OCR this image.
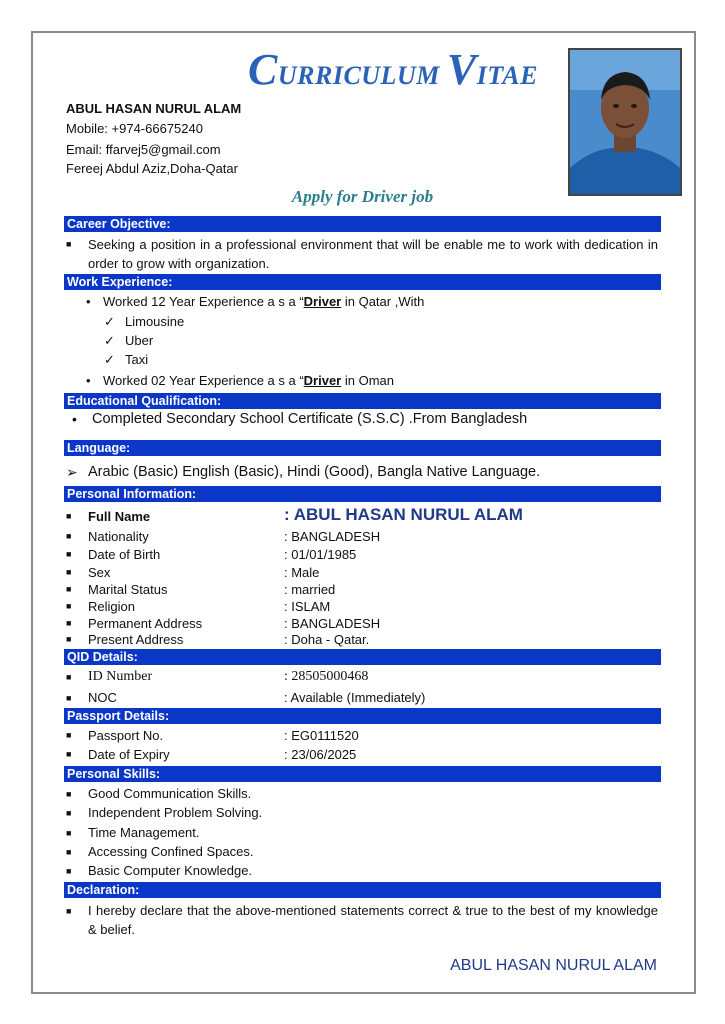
CURRICULUM VITAE
ABUL HASAN NURUL ALAM
Mobile: +974-66675240
Email: ffarvej5@gmail.com
Fereej Abdul Aziz,Doha-Qatar
Apply for Driver job
Career Objective:
■ Seeking a position in a professional environment that will be enable me to work with dedication in order to grow with organization.
Work Experience:
• Worked 12 Year Experience a s a “Driver in Qatar ,With
✓ Limousine
✓ Uber
✓ Taxi
• Worked 02 Year Experience a s a “Driver in Oman
Educational Qualification:
• Completed Secondary School Certificate (S.S.C) .From Bangladesh
Language:
➢ Arabic (Basic) English (Basic), Hindi (Good), Bangla Native Language.
Personal Information:
■ Full Name	: ABUL HASAN NURUL ALAM
■ Nationality	: BANGLADESH
■ Date of Birth	: 01/01/1985
■ Sex	: Male
■ Marital Status	: married
■ Religion	: ISLAM
■ Permanent Address	: BANGLADESH
■ Present Address	: Doha - Qatar.
QID Details:
■ ID Number	: 28505000468
■ NOC	: Available (Immediately)
Passport Details:
■ Passport No.	: EG0111520
■ Date of Expiry	: 23/06/2025
Personal Skills:
■ Good Communication Skills.
■ Independent Problem Solving.
■ Time Management.
■ Accessing Confined Spaces.
■ Basic Computer Knowledge.
Declaration:
■ I hereby declare that the above-mentioned statements correct & true to the best of my knowledge & belief.
ABUL HASAN NURUL ALAM
